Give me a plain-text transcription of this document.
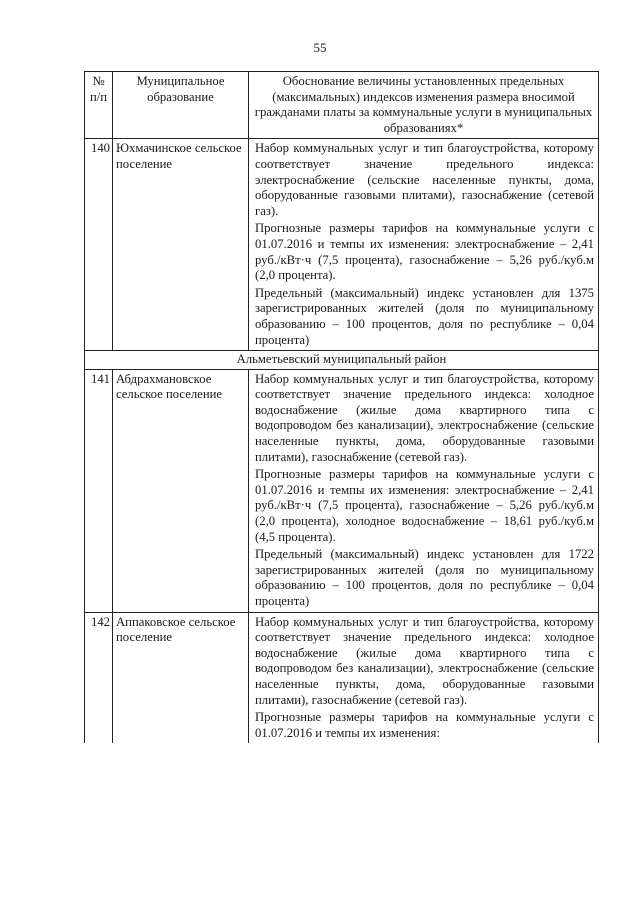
55
№ п/п	Муниципальное образование	Обоснование величины установленных предельных (максимальных) индексов изменения размера вносимой гражданами платы за коммунальные услуги в муниципальных образованиях*
140	Юхмачинское сельское поселение	Набор коммунальных услуг и тип благоустройства, которому соответствует значение предельного индекса: электроснабжение (сельские населенные пункты, дома, оборудованные газовыми плитами), газоснабжение (сетевой газ).

Прогнозные размеры тарифов на коммунальные услуги с 01.07.2016 и темпы их изменения: электроснабжение – 2,41 руб./кВт·ч (7,5 процента), газоснабжение – 5,26 руб./куб.м (2,0 процента).

Предельный (максимальный) индекс установлен для 1375 зарегистрированных жителей (доля по муниципальному образованию – 100 процентов, доля по республике – 0,04 процента)

Альметьевский муниципальный район		
141	Абдрахмановское сельское поселение	Набор коммунальных услуг и тип благоустройства, которому соответствует значение предельного индекса: холодное водоснабжение (жилые дома квартирного типа с водопроводом без канализации), электроснабжение (сельские населенные пункты, дома, оборудованные газовыми плитами), газоснабжение (сетевой газ).

Прогнозные размеры тарифов на коммунальные услуги с 01.07.2016 и темпы их изменения: электроснабжение – 2,41 руб./кВт·ч (7,5 процента), газоснабжение – 5,26 руб./куб.м (2,0 процента), холодное водоснабжение – 18,61 руб./куб.м (4,5 процента).

Предельный (максимальный) индекс установлен для 1722 зарегистрированных жителей (доля по муниципальному образованию – 100 процентов, доля по республике – 0,04 процента)

142	Аппаковское сельское поселение	Набор коммунальных услуг и тип благоустройства, которому соответствует значение предельного индекса: холодное водоснабжение (жилые дома квартирного типа с водопроводом без канализации), электроснабжение (сельские населенные пункты, дома, оборудованные газовыми плитами), газоснабжение (сетевой газ).

Прогнозные размеры тарифов на коммунальные услуги с 01.07.2016 и темпы их изменения:
